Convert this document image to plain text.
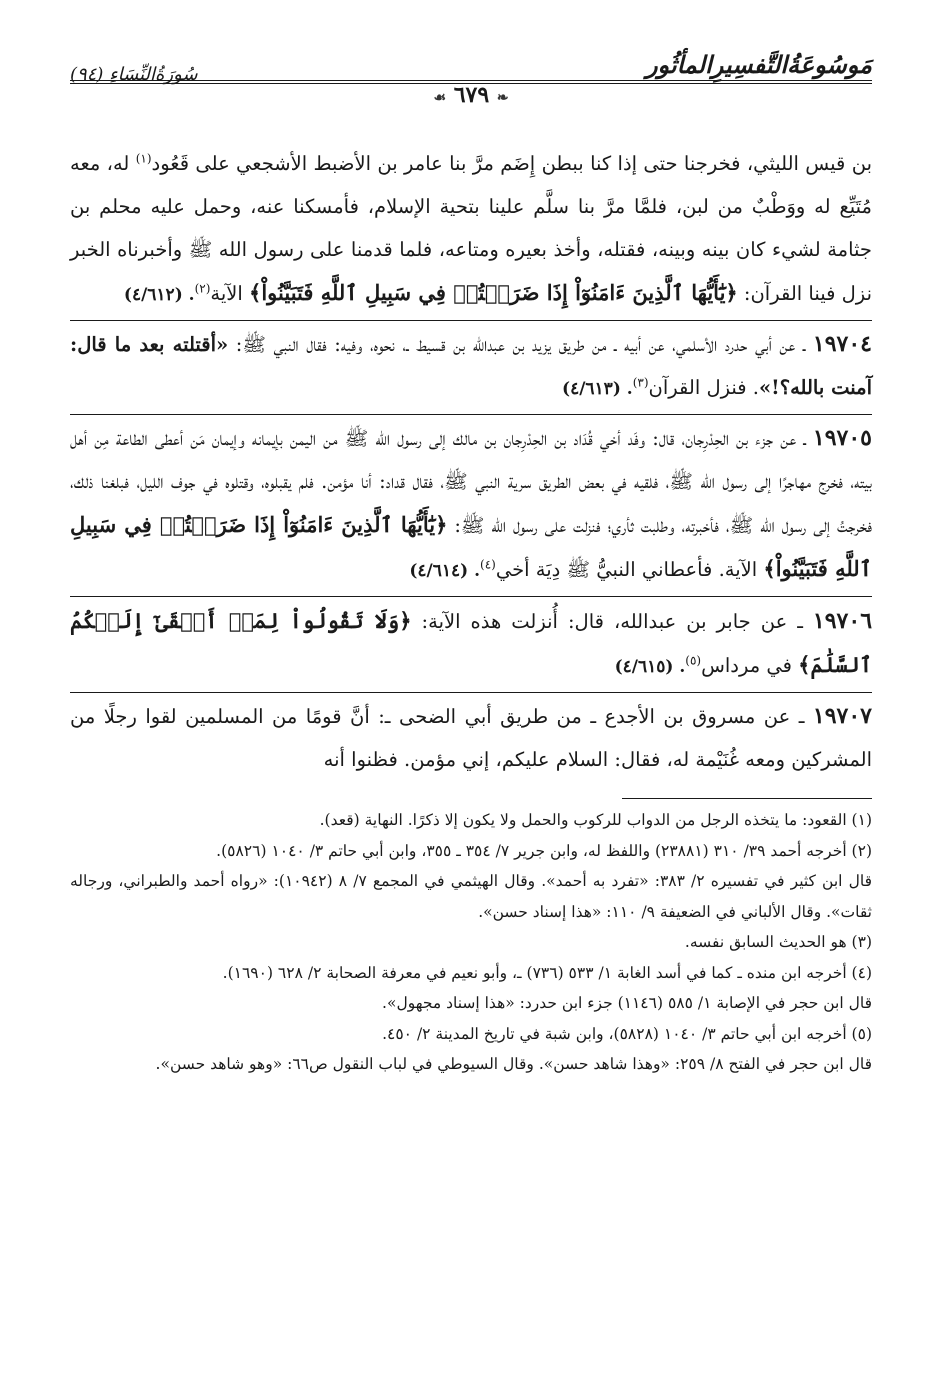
مَوسُوعَةُالتَّفسِيرِالمأثُور
❧ ٦٧٩ ☙
سُورَةُالنِّسَاءِ (٩٤)

بن قيس الليثي، فخرجنا حتى إذا كنا ببطن إِضَم مرَّ بنا عامر بن الأضبط الأشجعي على قَعُود$^{(١)}$ له، معه مُتَيِّع له ووَطْبٌ من لبن، فلمَّا مرَّ بنا سلَّم علينا بتحية الإسلام، فأمسكنا عنه، وحمل عليه محلم بن جثامة لشيء كان بينه وبينه، فقتله، وأخذ بعيره ومتاعه، فلما قدمنا على رسول الله ﷺ وأخبرناه الخبر نزل فينا القرآن: ﴿يَٰٓأَيُّهَا ٱلَّذِينَ ءَامَنُوٓاْ إِذَا ضَرَبۡتُمۡ فِي سَبِيلِ ٱللَّهِ فَتَبَيَّنُواْ﴾ الآية$^{(٢)}$. (٤/٦١٢)

١٩٧٠٤ ـ عن أبي حدرد الأسلمي، عن أبيه ـ من طريق يزيد بن عبدالله بن قسيط ـ، نحوه، وفيه: فقال النبي ﷺ: «أقتلته بعد ما قال: آمنت بالله؟!». فنزل القرآن$^{(٣)}$. (٤/٦١٣)

١٩٧٠٥ ـ عن جزء بن الحِدْرِجان، قال: وفَد أخي قُدَاد بن الحِدْرِجان بن مالك إلى رسول الله ﷺ من اليمن بإيمانه وإيمان مَن أعطى الطاعة مِن أهل بيته، فخرج مهاجرًا إلى رسول الله ﷺ، فلقيه في بعض الطريق سرية النبي ﷺ، فقال قداد: أنا مؤمن. فلم يقبلوه، وقتلوه في جوف الليل، فبلغنا ذلك، فخرجتُ إلى رسول الله ﷺ، فأخبرته، وطلبت ثأري؛ فنزلت على رسول الله ﷺ: ﴿يَٰٓأَيُّهَا ٱلَّذِينَ ءَامَنُوٓاْ إِذَا ضَرَبۡتُمۡ فِي سَبِيلِ ٱللَّهِ فَتَبَيَّنُواْ﴾ الآية. فأعطاني النبيُّ ﷺ دِيَة أخي$^{(٤)}$. (٤/٦١٤)

١٩٧٠٦ ـ عن جابر بن عبدالله، قال: أُنزلت هذه الآية: ﴿وَلَا تَقُولُواْ لِمَنۡ أَلۡقَىٰٓ إِلَيۡكُمُ ٱلسَّلَٰمَ﴾ في مرداس$^{(٥)}$. (٤/٦١٥)

١٩٧٠٧ ـ عن مسروق بن الأجدع ـ من طريق أبي الضحى ـ: أنَّ قومًا من المسلمين لقوا رجلًا من المشركين ومعه غُنَيْمة له، فقال: السلام عليكم، إني مؤمن. فظنوا أنه

(١) القعود: ما يتخذه الرجل من الدواب للركوب والحمل ولا يكون إلا ذكرًا. النهاية (قعد).

(٢) أخرجه أحمد ٣٩/ ٣١٠ (٢٣٨٨١) واللفظ له، وابن جرير ٧/ ٣٥٤ ـ ٣٥٥، وابن أبي حاتم ٣/ ١٠٤٠ (٥٨٢٦).

قال ابن كثير في تفسيره ٢/ ٣٨٣: «تفرد به أحمد». وقال الهيثمي في المجمع ٧/ ٨ (١٠٩٤٢): «رواه أحمد والطبراني، ورجاله ثقات». وقال الألباني في الضعيفة ٩/ ١١٠: «هذا إسناد حسن».

(٣) هو الحديث السابق نفسه.

(٤) أخرجه ابن منده ـ كما في أسد الغابة ١/ ٥٣٣ (٧٣٦) ـ، وأبو نعيم في معرفة الصحابة ٢/ ٦٢٨ (١٦٩٠).

قال ابن حجر في الإصابة ١/ ٥٨٥ (١١٤٦) جزء ابن حدرد: «هذا إسناد مجهول».

(٥) أخرجه ابن أبي حاتم ٣/ ١٠٤٠ (٥٨٢٨)، وابن شبة في تاريخ المدينة ٢/ ٤٥٠.

قال ابن حجر في الفتح ٨/ ٢٥٩: «وهذا شاهد حسن». وقال السيوطي في لباب النقول ص٦٦: «وهو شاهد حسن».
